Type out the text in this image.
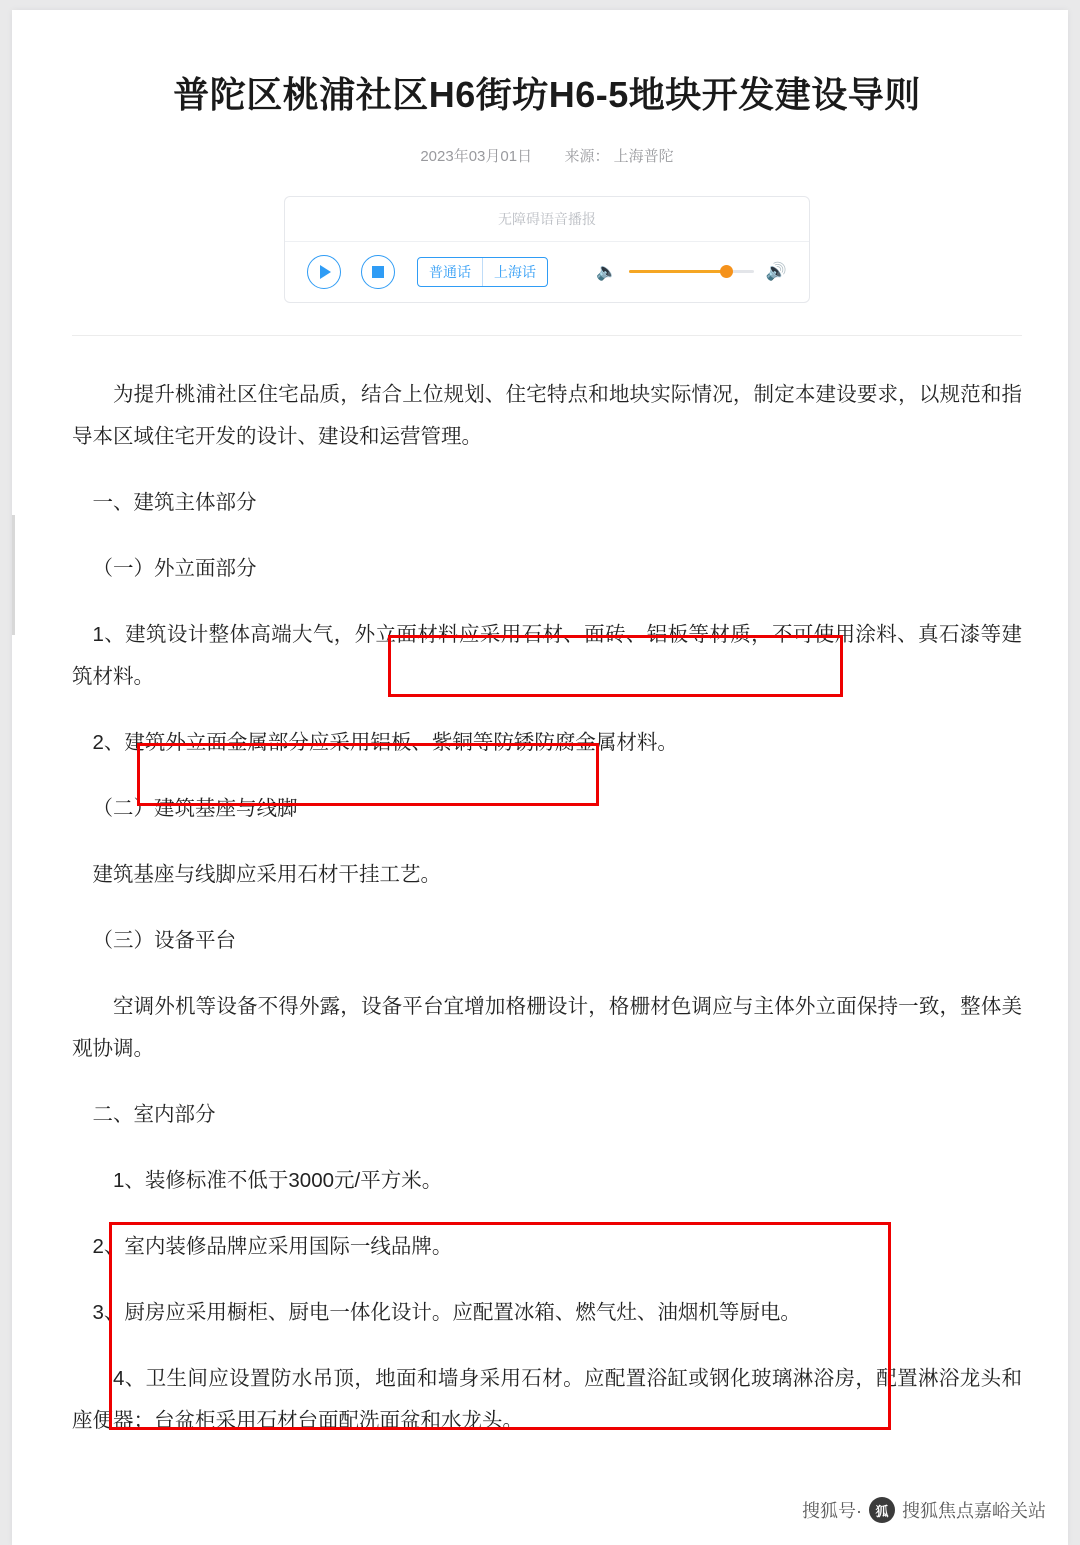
普陀区桃浦社区H6街坊H6-5地块开发建设导则
2023年03月01日 来源： 上海普陀
无障碍语音播报
普通话	上海话	🔈	🔊

为提升桃浦社区住宅品质，结合上位规划、住宅特点和地块实际情况，制定本建设要求，以规范和指导本区域住宅开发的设计、建设和运营管理。

一、建筑主体部分

（一）外立面部分

1、建筑设计整体高端大气，外立面材料应采用石材、面砖、铝板等材质，不可使用涂料、真石漆等建筑材料。

2、建筑外立面金属部分应采用铝板、紫铜等防锈防腐金属材料。

（二）建筑基座与线脚

建筑基座与线脚应采用石材干挂工艺。

（三）设备平台

空调外机等设备不得外露，设备平台宜增加格栅设计，格栅材色调应与主体外立面保持一致，整体美观协调。

二、室内部分

1、装修标准不低于3000元/平方米。

2、室内装修品牌应采用国际一线品牌。

3、厨房应采用橱柜、厨电一体化设计。应配置冰箱、燃气灶、油烟机等厨电。

4、卫生间应设置防水吊顶，地面和墙身采用石材。应配置浴缸或钢化玻璃淋浴房，配置淋浴龙头和座便器；台盆柜采用石材台面配洗面盆和水龙头。

搜狐号·	狐 搜狐焦点嘉峪关站
